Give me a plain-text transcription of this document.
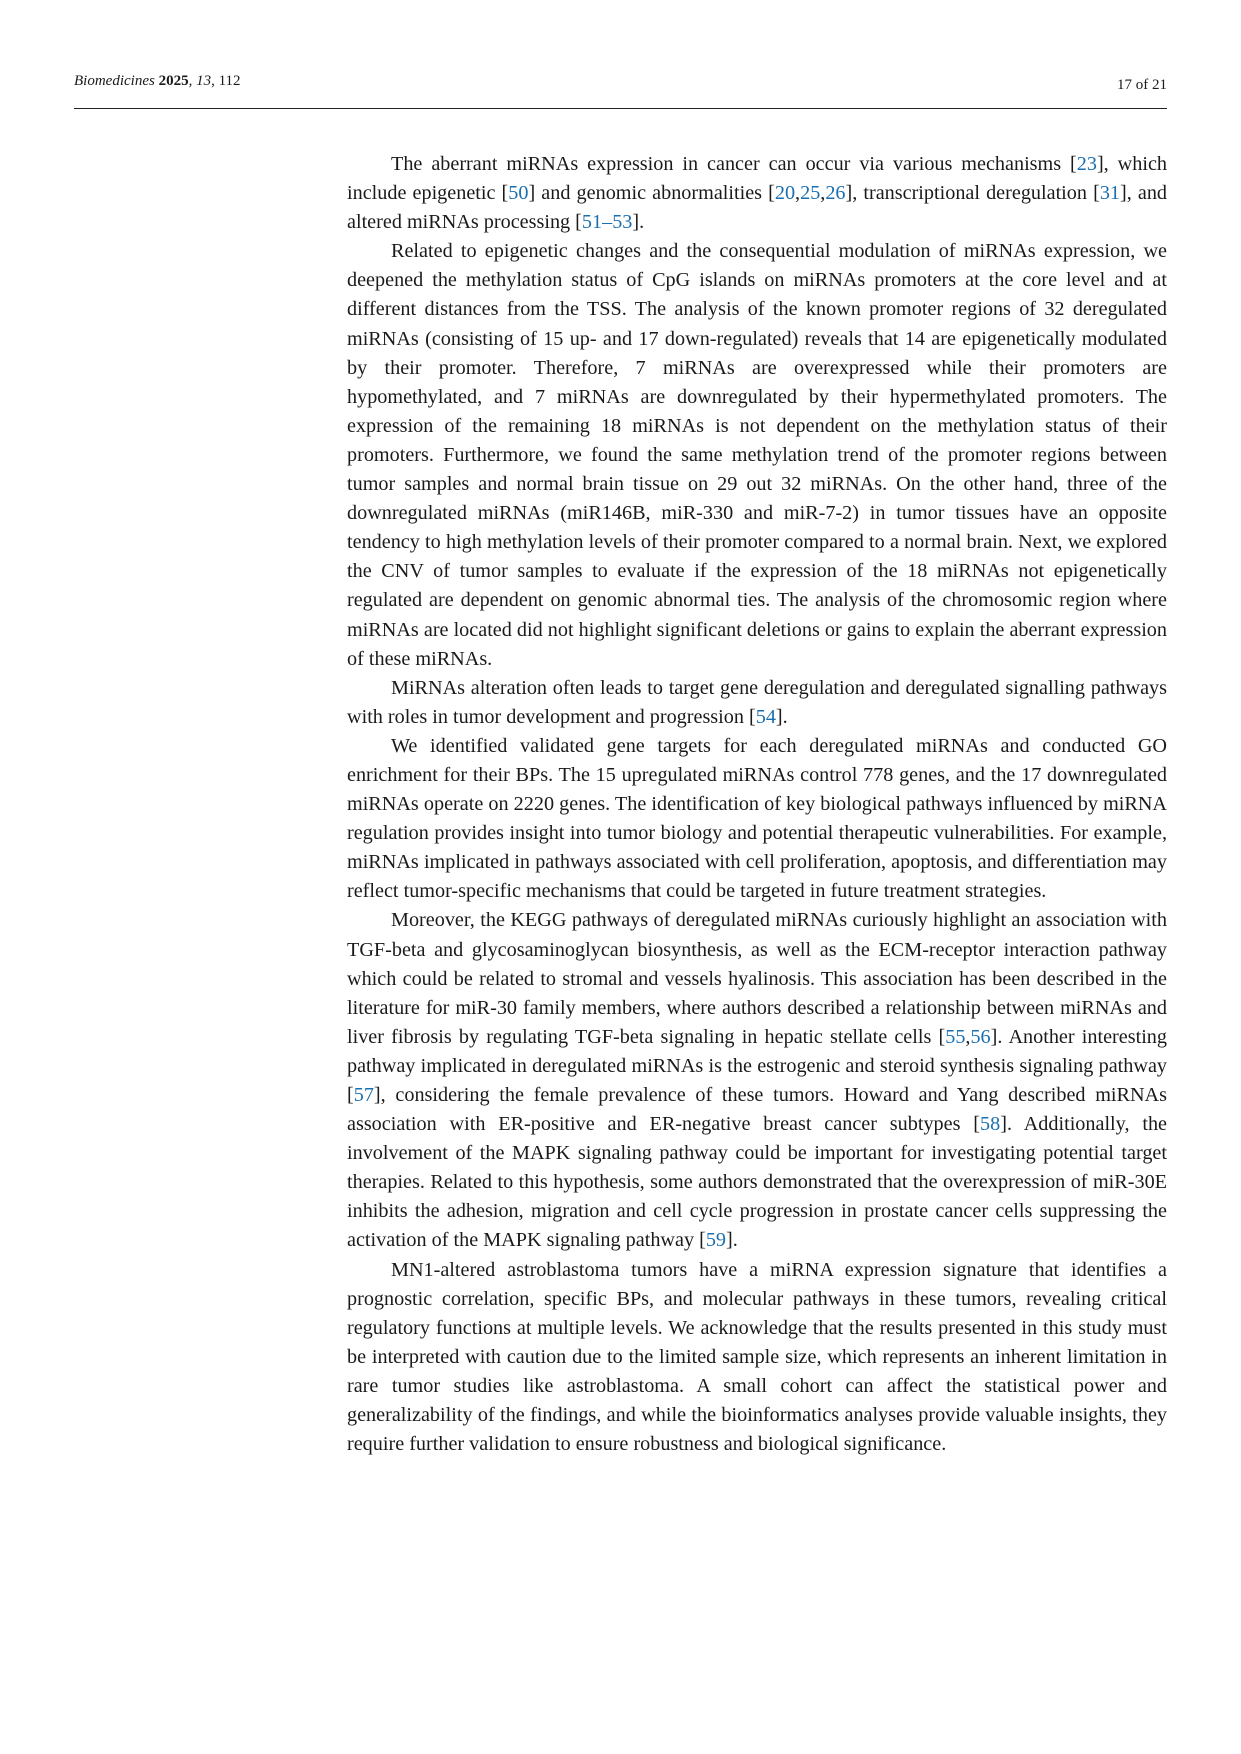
Biomedicines 2025, 13, 112	17 of 21

The aberrant miRNAs expression in cancer can occur via various mechanisms [23], which include epigenetic [50] and genomic abnormalities [20,25,26], transcriptional deregulation [31], and altered miRNAs processing [51–53].

Related to epigenetic changes and the consequential modulation of miRNAs expression, we deepened the methylation status of CpG islands on miRNAs promoters at the core level and at different distances from the TSS. The analysis of the known promoter regions of 32 deregulated miRNAs (consisting of 15 up- and 17 down-regulated) reveals that 14 are epigenetically modulated by their promoter. Therefore, 7 miRNAs are overexpressed while their promoters are hypomethylated, and 7 miRNAs are downregulated by their hypermethylated promoters. The expression of the remaining 18 miRNAs is not dependent on the methylation status of their promoters. Furthermore, we found the same methylation trend of the promoter regions between tumor samples and normal brain tissue on 29 out 32 miRNAs. On the other hand, three of the downregulated miRNAs (miR146B, miR-330 and miR-7-2) in tumor tissues have an opposite tendency to high methylation levels of their promoter compared to a normal brain. Next, we explored the CNV of tumor samples to evaluate if the expression of the 18 miRNAs not epigenetically regulated are dependent on genomic abnormal ties. The analysis of the chromosomic region where miRNAs are located did not highlight significant deletions or gains to explain the aberrant expression of these miRNAs.

MiRNAs alteration often leads to target gene deregulation and deregulated signalling pathways with roles in tumor development and progression [54].

We identified validated gene targets for each deregulated miRNAs and conducted GO enrichment for their BPs. The 15 upregulated miRNAs control 778 genes, and the 17 downregulated miRNAs operate on 2220 genes. The identification of key biological pathways influenced by miRNA regulation provides insight into tumor biology and potential therapeutic vulnerabilities. For example, miRNAs implicated in pathways associated with cell proliferation, apoptosis, and differentiation may reflect tumor-specific mechanisms that could be targeted in future treatment strategies.

Moreover, the KEGG pathways of deregulated miRNAs curiously highlight an association with TGF-beta and glycosaminoglycan biosynthesis, as well as the ECM-receptor interaction pathway which could be related to stromal and vessels hyalinosis. This association has been described in the literature for miR-30 family members, where authors described a relationship between miRNAs and liver fibrosis by regulating TGF-beta signaling in hepatic stellate cells [55,56]. Another interesting pathway implicated in deregulated miRNAs is the estrogenic and steroid synthesis signaling pathway [57], considering the female prevalence of these tumors. Howard and Yang described miRNAs association with ER-positive and ER-negative breast cancer subtypes [58]. Additionally, the involvement of the MAPK signaling pathway could be important for investigating potential target therapies. Related to this hypothesis, some authors demonstrated that the overexpression of miR-30E inhibits the adhesion, migration and cell cycle progression in prostate cancer cells suppressing the activation of the MAPK signaling pathway [59].

MN1-altered astroblastoma tumors have a miRNA expression signature that identifies a prognostic correlation, specific BPs, and molecular pathways in these tumors, revealing critical regulatory functions at multiple levels. We acknowledge that the results presented in this study must be interpreted with caution due to the limited sample size, which represents an inherent limitation in rare tumor studies like astroblastoma. A small cohort can affect the statistical power and generalizability of the findings, and while the bioinformatics analyses provide valuable insights, they require further validation to ensure robustness and biological significance.
